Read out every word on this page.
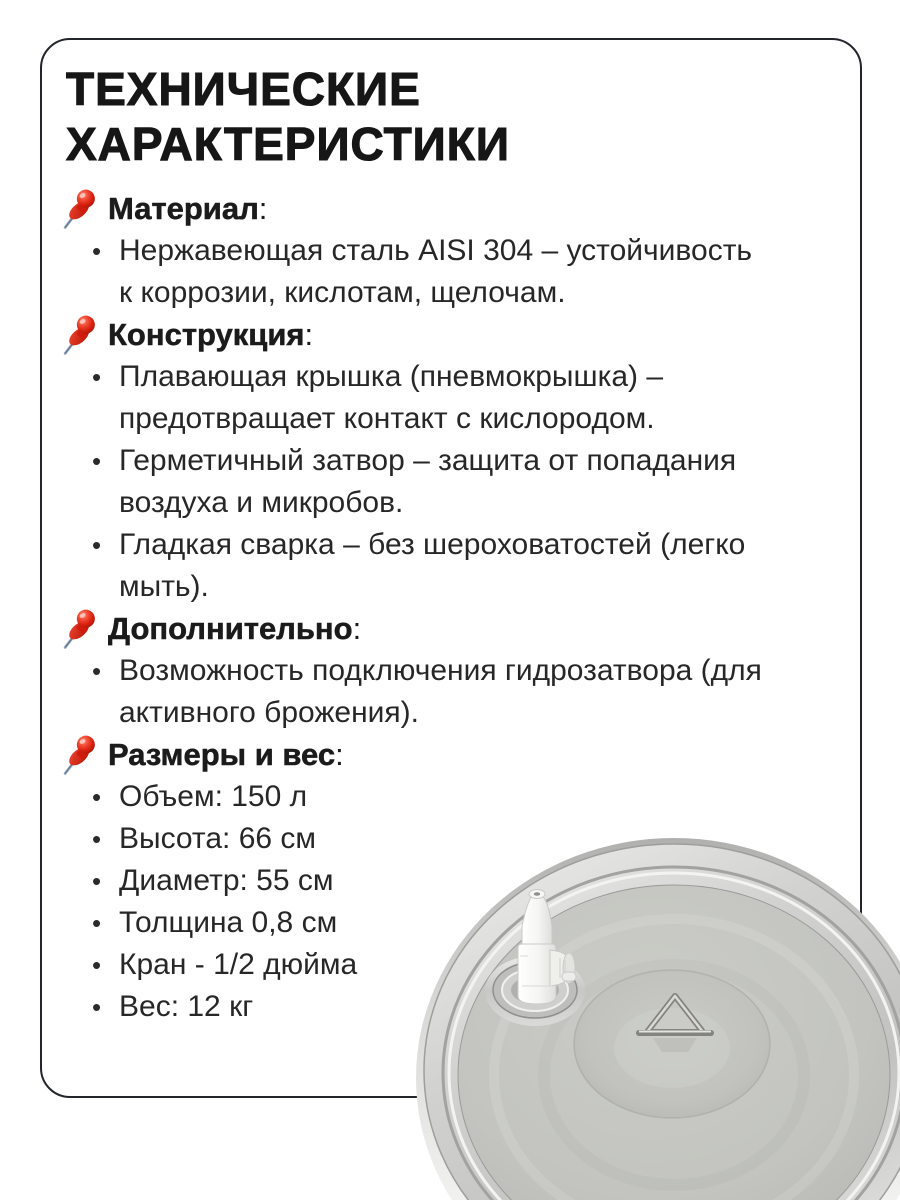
ТЕХНИЧЕСКИЕ
ХАРАКТЕРИСТИКИ
Материал:
• Нержавеющая сталь AISI 304 – устойчивость к коррозии, кислотам, щелочам.
Конструкция:
• Плавающая крышка (пневмокрышка) – предотвращает контакт с кислородом.
• Герметичный затвор – защита от попадания воздуха и микробов.
• Гладкая сварка – без шероховатостей (легко мыть).
Дополнительно:
• Возможность подключения гидрозатвора (для активного брожения).
Размеры и вес:
• Объем: 150 л
• Высота: 66 см
• Диаметр: 55 см
• Толщина 0,8 см
• Кран - 1/2 дюйма
• Вес: 12 кг
